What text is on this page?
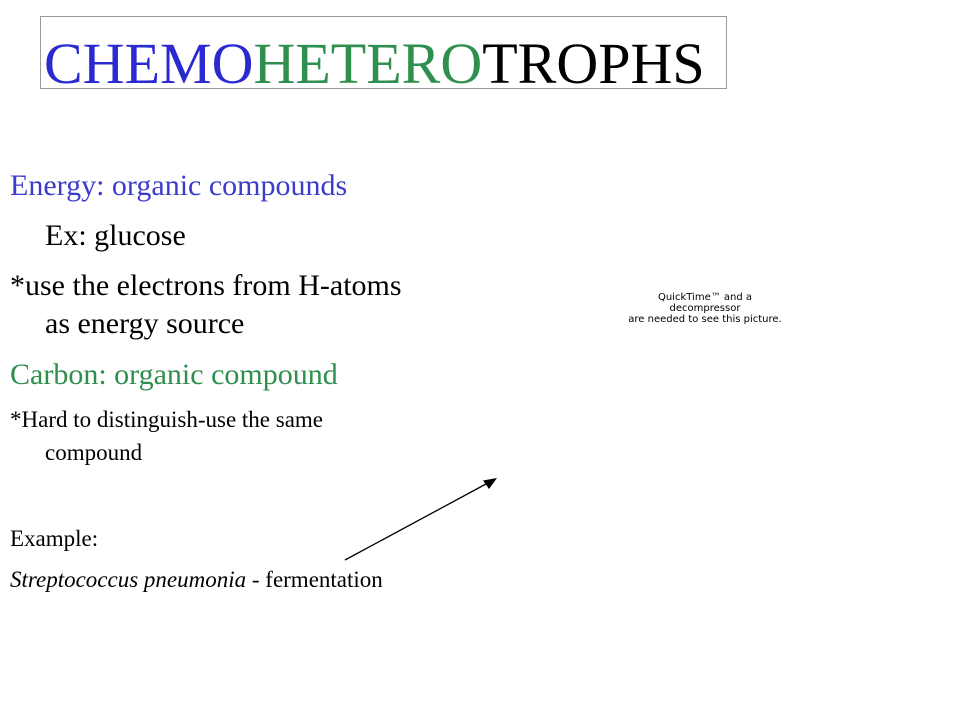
CHEMOHETEROTROPHS

Energy: organic compounds

Ex: glucose

*use the electrons from H-atoms

as energy source

Carbon: organic compound

*Hard to distinguish-use the same

compound

Example:

Streptococcus pneumonia - fermentation

QuickTime™ and a
decompressor
are needed to see this picture.
